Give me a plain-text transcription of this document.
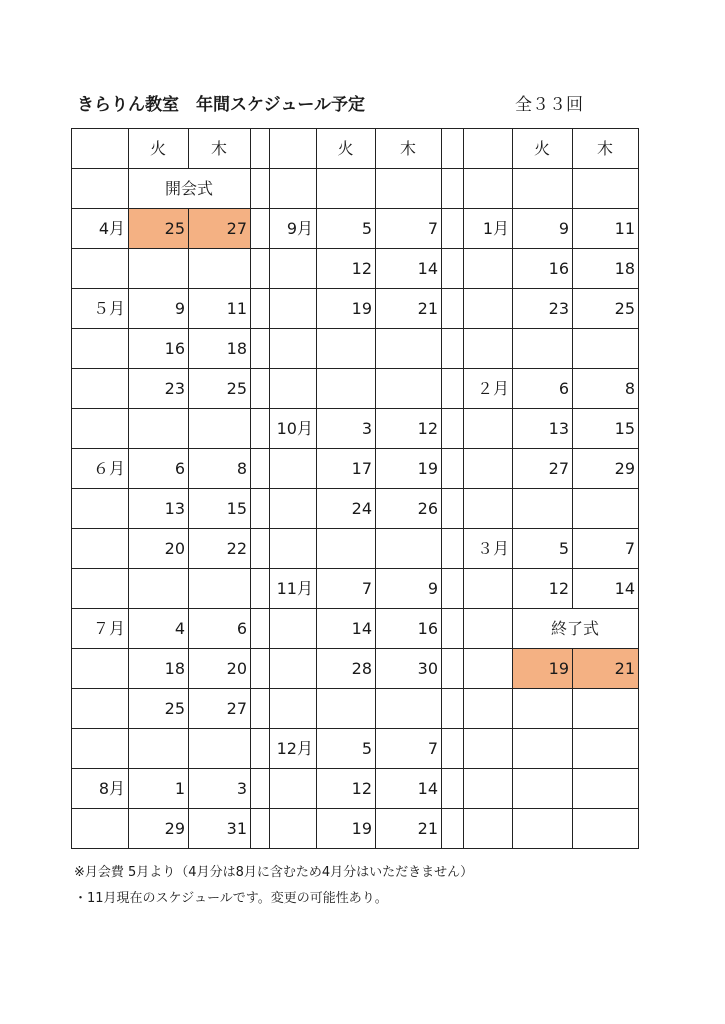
きらりん教室　年間スケジュール予定	全３３回
	火	木			火	木			火	木
	開会式									
4月	25	27		9月	5	7		1月	9	11
					12	14			16	18
５月	9	11			19	21			23	25
	16	18								
	23	25						２月	6	8
				10月	3	12			13	15
６月	6	8			17	19			27	29
	13	15			24	26				
	20	22						３月	5	7
				11月	7	9			12	14
７月	4	6			14	16			終了式	
	18	20			28	30			19	21
	25	27								
				12月	5	7				
8月	1	3			12	14				
	29	31			19	21				
※月会費 5月より（4月分は8月に含むため4月分はいただきません）
・11月現在のスケジュールです。変更の可能性あり。
